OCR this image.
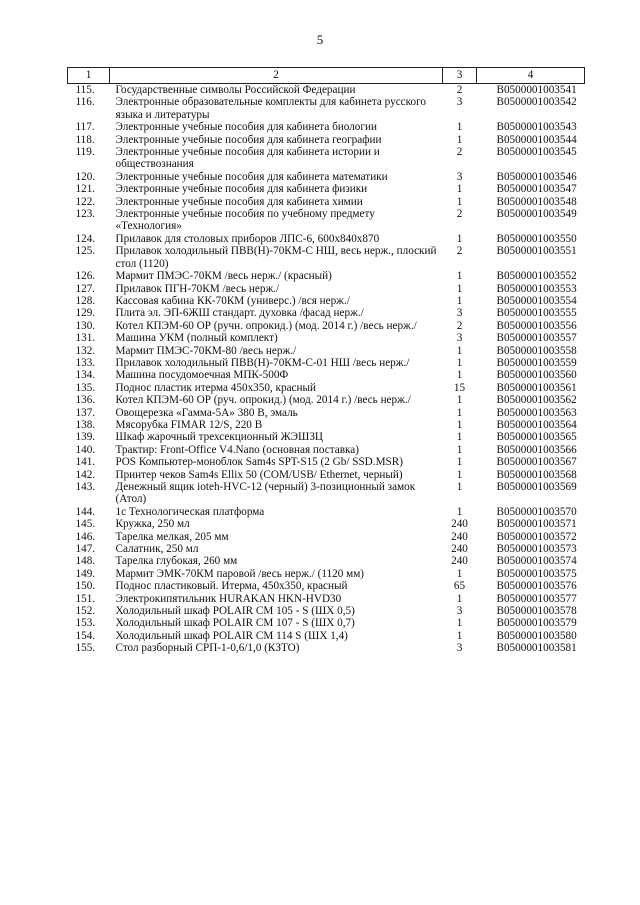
5
1	2	3	4
115.	Государственные символы Российской Федерации	2	В0500001003541
116.	Электронные образовательные комплекты для кабинета русского языка и литературы	3	В0500001003542
117.	Электронные учебные пособия для кабинета биологии	1	В0500001003543
118.	Электронные учебные пособия для кабинета географии	1	В0500001003544
119.	Электронные учебные пособия для кабинета истории и обществознания	2	В0500001003545
120.	Электронные учебные пособия для кабинета математики	3	В0500001003546
121.	Электронные учебные пособия для кабинета физики	1	В0500001003547
122.	Электронные учебные пособия для кабинета химии	1	В0500001003548
123.	Электронные учебные пособия по учебному предмету «Технология»	2	В0500001003549
124.	Прилавок для столовых приборов ЛПС-6, 600x840x870	1	В0500001003550
125.	Прилавок холодильный ПВВ(Н)-70КМ-С НШ, весь нерж., плоский стол (1120)	2	В0500001003551
126.	Мармит ПМЭС-70КМ /весь нерж./ (красный)	1	В0500001003552
127.	Прилавок ПГН-70КМ /весь нерж./	1	В0500001003553
128.	Кассовая кабина КК-70КМ (универс.) /вся нерж./	1	В0500001003554
129.	Плита эл. ЭП-6ЖШ стандарт. духовка /фасад нерж./	3	В0500001003555
130.	Котел КПЭМ-60 ОР (ручн. опрокид.) (мод. 2014 г.) /весь нерж./	2	В0500001003556
131.	Машина УКМ (полный комплект)	3	В0500001003557
132.	Мармит ПМЭС-70КМ-80 /весь нерж./	1	В0500001003558
133.	Прилавок холодильный ПВВ(Н)-70КМ-С-01 НШ /весь нерж./	1	В0500001003559
134.	Машина посудомоечная МПК-500Ф	1	В0500001003560
135.	Поднос пластик итерма 450x350, красный	15	В0500001003561
136.	Котел КПЭМ-60 ОР (руч. опрокид.) (мод. 2014 г.) /весь нерж./	1	В0500001003562
137.	Овощерезка «Гамма-5А» 380 В, эмаль	1	В0500001003563
138.	Мясорубка FIMAR 12/S, 220 В	1	В0500001003564
139.	Шкаф жарочный трехсекционный ЖЭШЗЦ	1	В0500001003565
140.	Трактир: Front-Office V4.Nano (основная поставка)	1	В0500001003566
141.	POS Компьютер-моноблок Sam4s SPT-S15 (2 Gb/ SSD.MSR)	1	В0500001003567
142.	Принтер чеков Sam4s Ellix 50 (COM/USB/ Ethernet, черный)	1	В0500001003568
143.	Денежный ящик ioteh-HVC-12 (черный) 3-позиционный замок (Атол)	1	В0500001003569
144.	1с Технологическая платформа	1	В0500001003570
145.	Кружка, 250 мл	240	В0500001003571
146.	Тарелка мелкая, 205 мм	240	В0500001003572
147.	Салатник, 250 мл	240	В0500001003573
148.	Тарелка глубокая, 260 мм	240	В0500001003574
149.	Мармит ЭМК-70КМ паровой /весь нерж./ (1120 мм)	1	В0500001003575
150.	Поднос пластиковый. Итерма, 450x350, красный	65	В0500001003576
151.	Электрокипятильник HURAKAN HKN-HVD30	1	В0500001003577
152.	Холодильный шкаф POLAIR СМ 105 - S (ШХ 0,5)	3	В0500001003578
153.	Холодильный шкаф POLAIR СМ 107 - S (ШХ 0,7)	1	В0500001003579
154.	Холодильный шкаф POLAIR СМ 114 S (ШХ 1,4)	1	В0500001003580
155.	Стол разборный СРП-1-0,6/1,0 (КЗТО)	3	В0500001003581
